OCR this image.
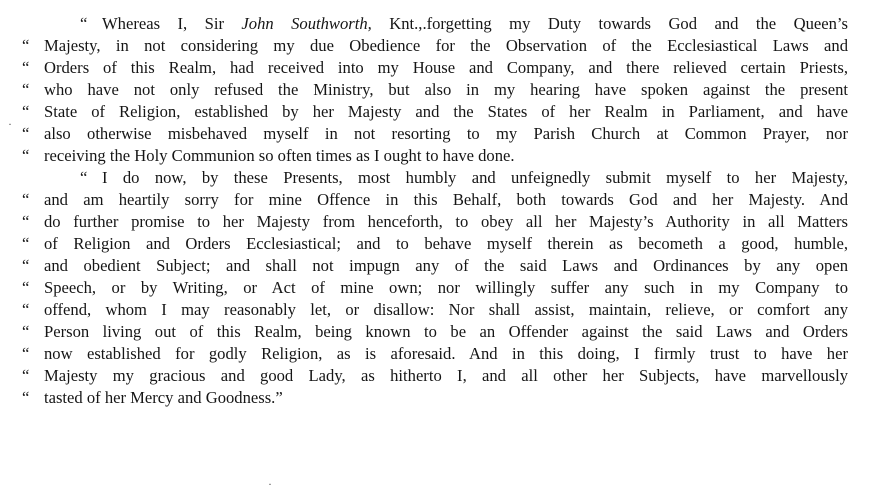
“ Whereas I, Sir John Southworth, Knt.,.forgetting my Duty towards God and the Queen’s
“ Majesty, in not considering my due Obedience for the Observation of the Ecclesiastical Laws and
“ Orders of this Realm, had received into my House and Company, and there relieved certain Priests,
“ who have not only refused the Ministry, but also in my hearing have spoken against the present
“ State of Religion, established by her Majesty and the States of her Realm in Parliament, and have
“ also otherwise misbehaved myself in not resorting to my Parish Church at Common Prayer, nor
“ receiving the Holy Communion so often times as I ought to have done.
“ I do now, by these Presents, most humbly and unfeignedly submit myself to her Majesty,
“ and am heartily sorry for mine Offence in this Behalf, both towards God and her Majesty. And
“ do further promise to her Majesty from henceforth, to obey all her Majesty’s Authority in all Matters
“ of Religion and Orders Ecclesiastical; and to behave myself therein as becometh a good, humble,
“ and obedient Subject; and shall not impugn any of the said Laws and Ordinances by any open
“ Speech, or by Writing, or Act of mine own; nor willingly suffer any such in my Company to
“ offend, whom I may reasonably let, or disallow: Nor shall assist, maintain, relieve, or comfort any
“ Person living out of this Realm, being known to be an Offender against the said Laws and Orders
“ now established for godly Religion, as is aforesaid. And in this doing, I firmly trust to have her
“ Majesty my gracious and good Lady, as hitherto I, and all other her Subjects, have marvellously
“ tasted of her Mercy and Goodness.”
·
·
